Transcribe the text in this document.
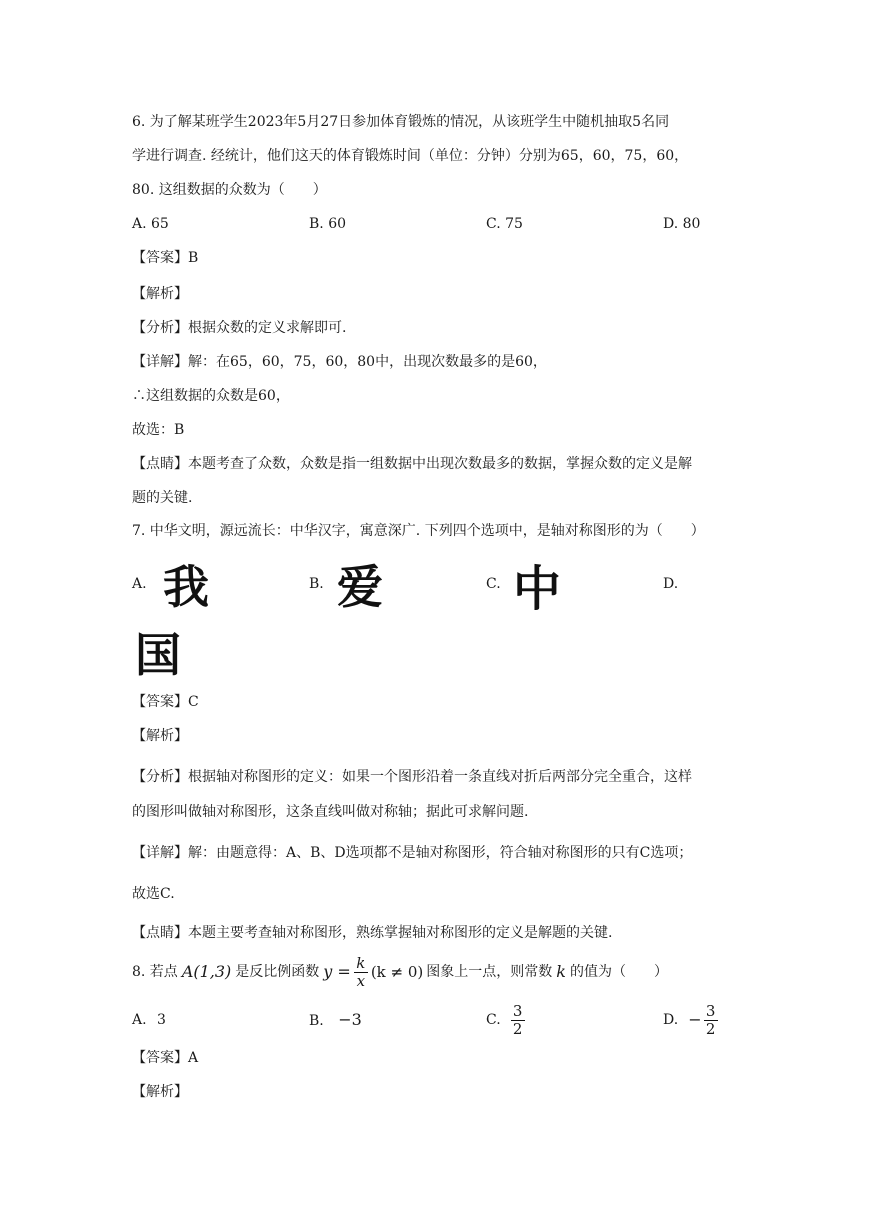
6. 为了解某班学生2023年5月27日参加体育锻炼的情况，从该班学生中随机抽取5名同
学进行调查. 经统计，他们这天的体育锻炼时间（单位：分钟）分别为65，60，75，60，
80. 这组数据的众数为（　　）
A. 65	B. 60	C. 75	D. 80
【答案】B
【解析】
【分析】根据众数的定义求解即可.
【详解】解：在65，60，75，60，80中，出现次数最多的是60，
∴这组数据的众数是60，
故选：B
【点睛】本题考查了众数，众数是指一组数据中出现次数最多的数据，掌握众数的定义是解
题的关键.
7. 中华文明，源远流长：中华汉字，寓意深广. 下列四个选项中，是轴对称图形的为（　　）
A. 我	B. 爱	C. 中	D.
国
【答案】C
【解析】
【分析】根据轴对称图形的定义：如果一个图形沿着一条直线对折后两部分完全重合，这样
的图形叫做轴对称图形，这条直线叫做对称轴；据此可求解问题.
【详解】解：由题意得：A、B、D选项都不是轴对称图形，符合轴对称图形的只有C选项；
故选C.
【点睛】本题主要考查轴对称图形，熟练掌握轴对称图形的定义是解题的关键.
8. 若点 A(1,3) 是反比例函数 $y = \frac{k}{x} (k \ne 0)$ 图象上一点，则常数 k 的值为（　　）
A. 3	B. −3	C. $\frac{3}{2}$	D. − $\frac{3}{2}$
【答案】A
【解析】
